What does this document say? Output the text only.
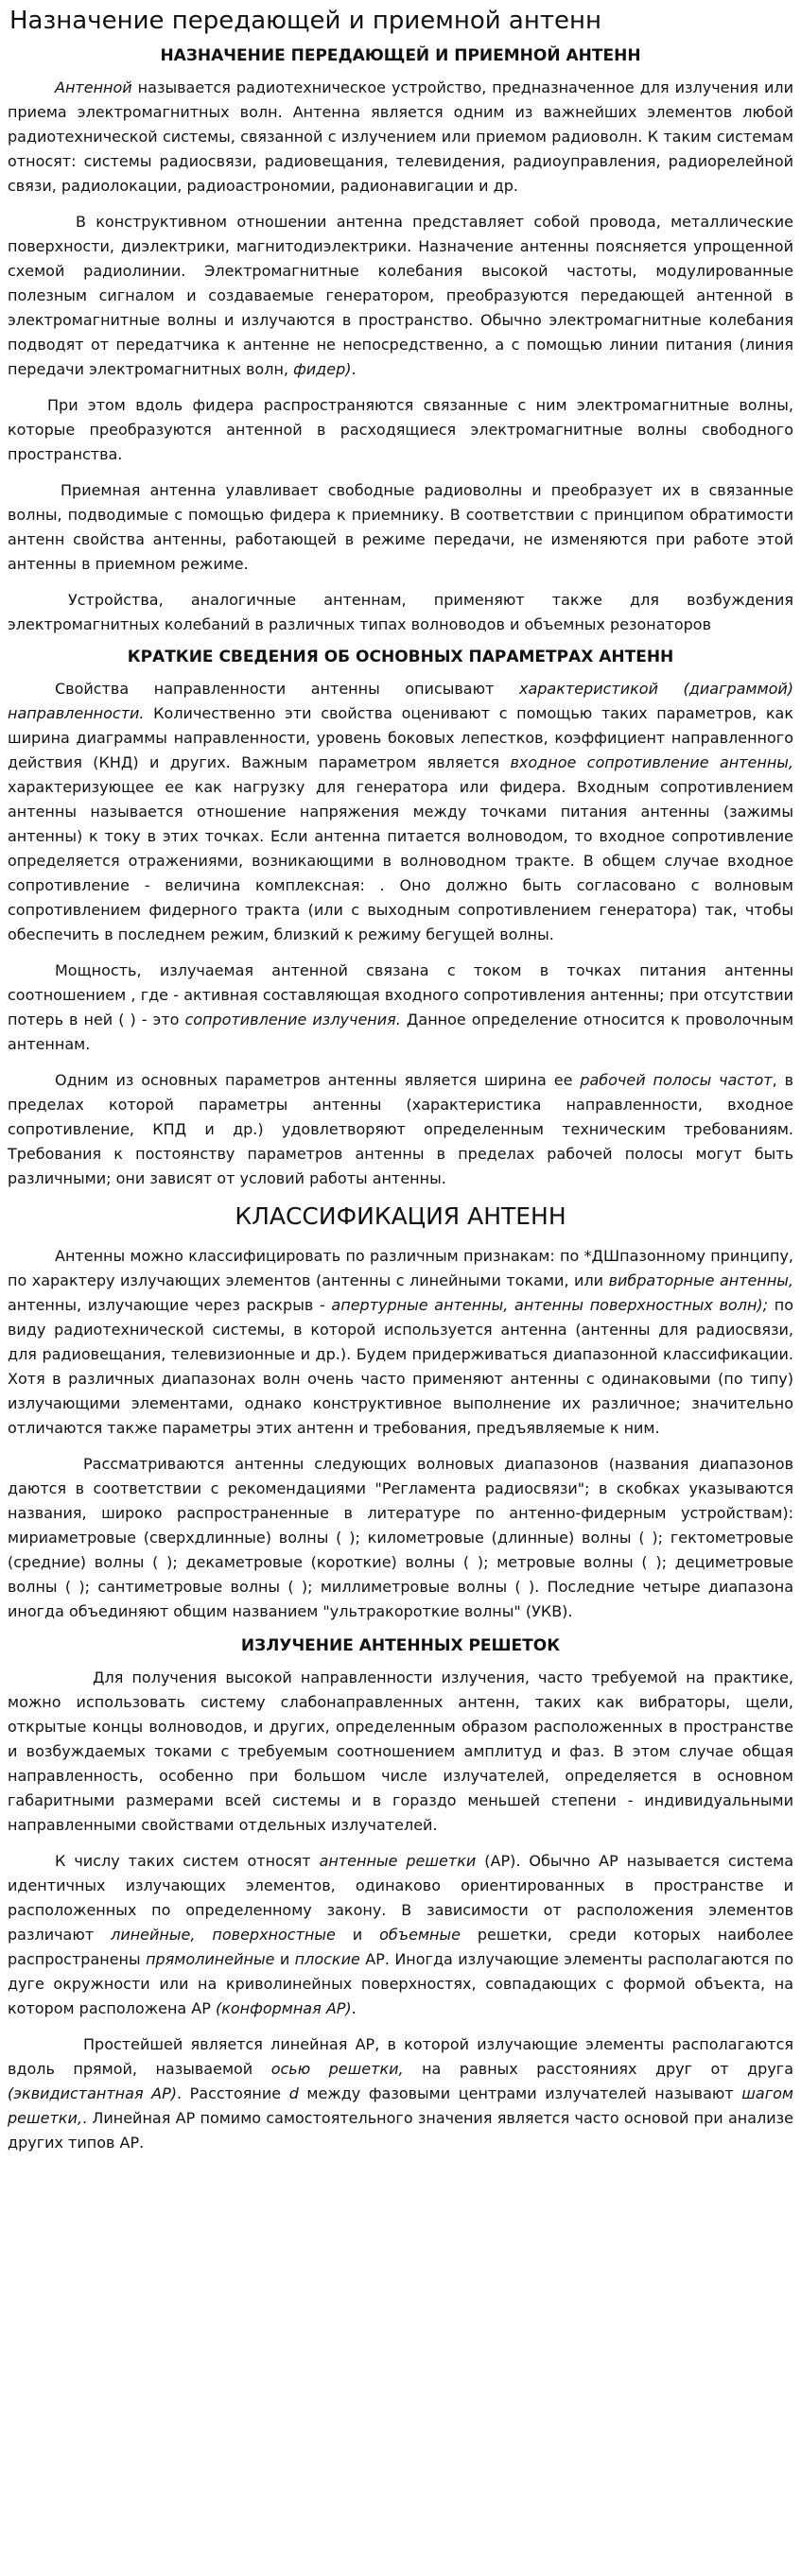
Назначение передающей и приемной антенн
НАЗНАЧЕНИЕ ПЕРЕДАЮЩЕЙ И ПРИЕМНОЙ АНТЕНН

Антенной называется радиотехническое устройство, предназначенное для излучения или приема электромагнитных волн. Антенна является одним из важнейших элементов любой радиотехнической системы, связанной с излучением или приемом радиоволн. К таким системам относят: системы радиосвязи, радиовещания, телевидения, радиоуправления, радиорелейной связи, радиолокации, радиоастрономии, радионавигации и др.

В конструктивном отношении антенна представляет собой провода, металлические поверхности, диэлектрики, магнитодиэлектрики. Назначение антенны поясняется упрощенной схемой радиолинии. Электромагнитные колебания высокой частоты, модулированные полезным сигналом и создаваемые генератором, преобразуются передающей антенной в электромагнитные волны и излучаются в пространство. Обычно электромагнитные колебания подводят от передатчика к антенне не непосредственно, а с помощью линии питания (линия передачи электромагнитных волн, фидер).

При этом вдоль фидера распространяются связанные с ним электромагнитные волны, которые преобразуются антенной в расходящиеся электромагнитные волны свободного пространства.

Приемная антенна улавливает свободные радиоволны и преобразует их в связанные волны, подводимые с помощью фидера к приемнику. В соответствии с принципом обратимости антенн свойства антенны, работающей в режиме передачи, не изменяются при работе этой антенны в приемном режиме.

Устройства, аналогичные антеннам, применяют также для возбуждения электромагнитных колебаний в различных типах волноводов и объемных резонаторов

КРАТКИЕ СВЕДЕНИЯ ОБ ОСНОВНЫХ ПАРАМЕТРАХ АНТЕНН

Свойства направленности антенны описывают характеристикой (диаграммой) направленности. Количественно эти свойства оценивают с помощью таких параметров, как ширина диаграммы направленности, уровень боковых лепестков, коэффициент направленного действия (КНД) и других. Важным параметром является входное сопротивление антенны, характеризующее ее как нагрузку для генератора или фидера. Входным сопротивлением антенны называется отношение напряжения между точками питания антенны (зажимы антенны) к току в этих точках. Если антенна питается волноводом, то входное сопротивление определяется отражениями, возникающими в волноводном тракте. В общем случае входное сопротивление - величина комплексная: . Оно должно быть согласовано с волновым сопротивлением фидерного тракта (или с выходным сопротивлением генератора) так, чтобы обеспечить в последнем режим, близкий к режиму бегущей волны.

Мощность, излучаемая антенной связана с током в точках питания антенны соотношением , где - активная составляющая входного сопротивления антенны; при отсутствии потерь в ней ( ) - это сопротивление излучения. Данное определение относится к проволочным антеннам.

Одним из основных параметров антенны является ширина ее рабочей полосы частот, в пределах которой параметры антенны (характеристика направленности, входное сопротивление, КПД и др.) удовлетворяют определенным техническим требованиям. Требования к постоянству параметров антенны в пределах рабочей полосы могут быть различными; они зависят от условий работы антенны.

КЛАССИФИКАЦИЯ АНТЕНН

Антенны можно классифицировать по различным признакам: по *ДШпазонному принципу, по характеру излучающих элементов (антенны с линейными токами, или вибраторные антенны, антенны, излучающие через раскрыв - апертурные антенны, антенны поверхностных волн); по виду радиотехнической системы, в которой используется антенна (антенны для радиосвязи, для радиовещания, телевизионные и др.). Будем придерживаться диапазонной классификации. Хотя в различных диапазонах волн очень часто применяют антенны с одинаковыми (по типу) излучающими элементами, однако конструктивное выполнение их различное; значительно отличаются также параметры этих антенн и требования, предъявляемые к ним.

Рассматриваются антенны следующих волновых диапазонов (названия диапазонов даются в соответствии с рекомендациями "Регламента радиосвязи"; в скобках указываются названия, широко распространенные в литературе по антенно-фидерным устройствам): мириаметровые (сверхдлинные) волны ( ); километровые (длинные) волны ( ); гектометровые (средние) волны ( ); декаметровые (короткие) волны ( ); метровые волны ( ); дециметровые волны ( ); сантиметровые волны ( ); миллиметровые волны ( ). Последние четыре диапазона иногда объединяют общим названием "ультракороткие волны" (УКВ).

ИЗЛУЧЕНИЕ АНТЕННЫХ РЕШЕТОК

Для получения высокой направленности излучения, часто требуемой на практике, можно использовать систему слабонаправленных антенн, таких как вибраторы, щели, открытые концы волноводов, и других, определенным образом расположенных в пространстве и возбуждаемых токами с требуемым соотношением амплитуд и фаз. В этом случае общая направленность, особенно при большом числе излучателей, определяется в основном габаритными размерами всей системы и в гораздо меньшей степени - индивидуальными направленными свойствами отдельных излучателей.

К числу таких систем относят антенные решетки (АР). Обычно АР называется система идентичных излучающих элементов, одинаково ориентированных в пространстве и расположенных по определенному закону. В зависимости от расположения элементов различают линейные, поверхностные и объемные решетки, среди которых наиболее распространены прямолинейные и плоские АР. Иногда излучающие элементы располагаются по дуге окружности или на криволинейных поверхностях, совпадающих с формой объекта, на котором расположена АР (конформная АР).

Простейшей является линейная АР, в которой излучающие элементы располагаются вдоль прямой, называемой осью решетки, на равных расстояниях друг от друга (эквидистантная АР). Расстояние d между фазовыми центрами излучателей называют шагом решетки,. Линейная АР помимо самостоятельного значения является часто основой при анализе других типов АР.
